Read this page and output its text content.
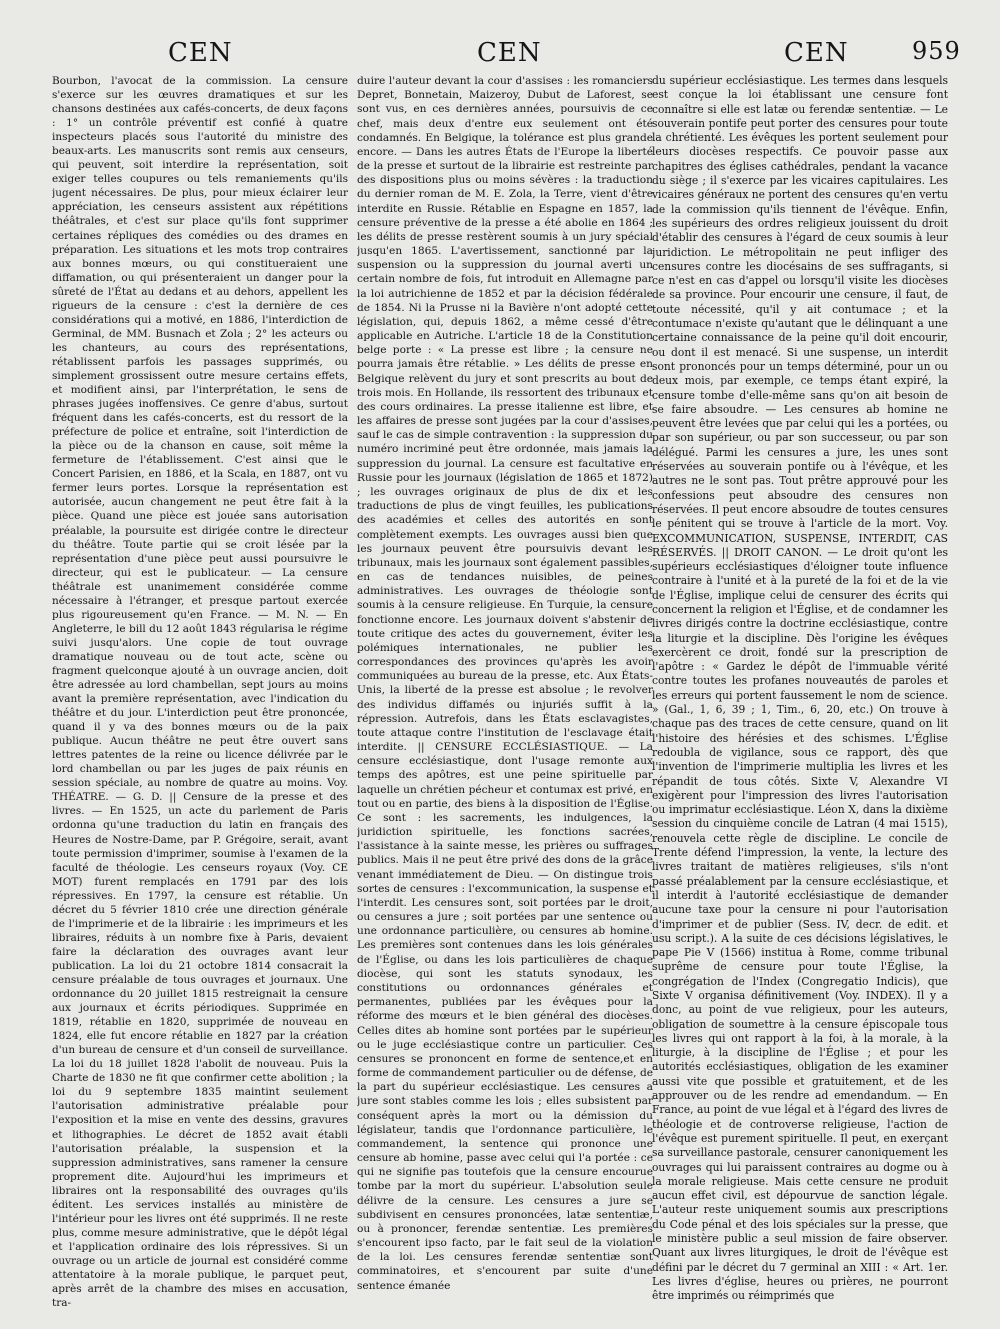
CEN	CEN	CEN	959

Bourbon, l'avocat de la commission. La censure s'exerce sur les œuvres dramatiques et sur les chansons destinées aux cafés-concerts, de deux façons : 1° un contrôle préventif est confié à quatre inspecteurs placés sous l'autorité du ministre des beaux-arts. Les manuscrits sont remis aux censeurs, qui peuvent, soit interdire la représentation, soit exiger telles coupures ou tels remaniements qu'ils jugent nécessaires. De plus, pour mieux éclairer leur appréciation, les censeurs assistent aux répétitions théâtrales, et c'est sur place qu'ils font supprimer certaines répliques des comédies ou des drames en préparation. Les situations et les mots trop contraires aux bonnes mœurs, ou qui constitueraient une diffamation, ou qui présenteraient un danger pour la sûreté de l'État au dedans et au dehors, appellent les rigueurs de la censure : c'est la dernière de ces considérations qui a motivé, en 1886, l'interdiction de Germinal, de MM. Busnach et Zola ; 2° les acteurs ou les chanteurs, au cours des représentations, rétablissent parfois les passages supprimés, ou simplement grossissent outre mesure certains effets, et modifient ainsi, par l'interprétation, le sens de phrases jugées inoffensives. Ce genre d'abus, surtout fréquent dans les cafés-concerts, est du ressort de la préfecture de police et entraîne, soit l'interdiction de la pièce ou de la chanson en cause, soit même la fermeture de l'établissement. C'est ainsi que le Concert Parisien, en 1886, et la Scala, en 1887, ont vu fermer leurs portes. Lorsque la représentation est autorisée, aucun changement ne peut être fait à la pièce. Quand une pièce est jouée sans autorisation préalable, la poursuite est dirigée contre le directeur du théâtre. Toute partie qui se croit lésée par la représentation d'une pièce peut aussi poursuivre le directeur, qui est le publicateur. — La censure théâtrale est unanimement considérée comme nécessaire à l'étranger, et presque partout exercée plus rigoureusement qu'en France. — M. N. — En Angleterre, le bill du 12 août 1843 régularisa le régime suivi jusqu'alors. Une copie de tout ouvrage dramatique nouveau ou de tout acte, scène ou fragment quelconque ajouté à un ouvrage ancien, doit être adressée au lord chambellan, sept jours au moins avant la première représentation, avec l'indication du théâtre et du jour. L'interdiction peut être prononcée, quand il y va des bonnes mœurs ou de la paix publique. Aucun théâtre ne peut être ouvert sans lettres patentes de la reine ou licence délivrée par le lord chambellan ou par les juges de paix réunis en session spéciale, au nombre de quatre au moins. Voy. THÉATRE. — G. D. || Censure de la presse et des livres. — En 1525, un acte du parlement de Paris ordonna qu'une traduction du latin en français des Heures de Nostre-Dame, par P. Grégoire, serait, avant toute permission d'imprimer, soumise à l'examen de la faculté de théologie. Les censeurs royaux (Voy. CE MOT) furent remplacés en 1791 par des lois répressives. En 1797, la censure est rétablie. Un décret du 5 février 1810 crée une direction générale de l'imprimerie et de la librairie : les imprimeurs et les libraires, réduits à un nombre fixe à Paris, devaient faire la déclaration des ouvrages avant leur publication. La loi du 21 octobre 1814 consacrait la censure préalable de tous ouvrages et journaux. Une ordonnance du 20 juillet 1815 restreignait la censure aux journaux et écrits périodiques. Supprimée en 1819, rétablie en 1820, supprimée de nouveau en 1824, elle fut encore rétablie en 1827 par la création d'un bureau de censure et d'un conseil de surveillance. La loi du 18 juillet 1828 l'abolit de nouveau. Puis la Charte de 1830 ne fit que confirmer cette abolition ; la loi du 9 septembre 1835 maintint seulement l'autorisation administrative préalable pour l'exposition et la mise en vente des dessins, gravures et lithographies. Le décret de 1852 avait établi l'autorisation préalable, la suspension et la suppression administratives, sans ramener la censure proprement dite. Aujourd'hui les imprimeurs et libraires ont la responsabilité des ouvrages qu'ils éditent. Les services installés au ministère de l'intérieur pour les livres ont été supprimés. Il ne reste plus, comme mesure administrative, que le dépôt légal et l'application ordinaire des lois répressives. Si un ouvrage ou un article de journal est considéré comme attentatoire à la morale publique, le parquet peut, après arrêt de la chambre des mises en accusation, tra-

duire l'auteur devant la cour d'assises : les romanciers Depret, Bonnetain, Maizeroy, Dubut de Laforest, se sont vus, en ces dernières années, poursuivis de ce chef, mais deux d'entre eux seulement ont été condamnés. En Belgique, la tolérance est plus grande encore. — Dans les autres États de l'Europe la liberté de la presse et surtout de la librairie est restreinte par des dispositions plus ou moins sévères : la traduction du dernier roman de M. E. Zola, la Terre, vient d'être interdite en Russie. Rétablie en Espagne en 1857, la censure préventive de la presse a été abolie en 1864 ; les délits de presse restèrent soumis à un jury spécial jusqu'en 1865. L'avertissement, sanctionné par la suspension ou la suppression du journal averti un certain nombre de fois, fut introduit en Allemagne par la loi autrichienne de 1852 et par la décision fédérale de 1854. Ni la Prusse ni la Bavière n'ont adopté cette législation, qui, depuis 1862, a même cessé d'être applicable en Autriche. L'article 18 de la Constitution belge porte : « La presse est libre ; la censure ne pourra jamais être rétablie. » Les délits de presse en Belgique relèvent du jury et sont prescrits au bout de trois mois. En Hollande, ils ressortent des tribunaux et des cours ordinaires. La presse italienne est libre, et les affaires de presse sont jugées par la cour d'assises, sauf le cas de simple contravention : la suppression du numéro incriminé peut être ordonnée, mais jamais la suppression du journal. La censure est facultative en Russie pour les journaux (législation de 1865 et 1872) ; les ouvrages originaux de plus de dix et les traductions de plus de vingt feuilles, les publications des académies et celles des autorités en sont complètement exempts. Les ouvrages aussi bien que les journaux peuvent être poursuivis devant les tribunaux, mais les journaux sont également passibles, en cas de tendances nuisibles, de peines administratives. Les ouvrages de théologie sont soumis à la censure religieuse. En Turquie, la censure fonctionne encore. Les journaux doivent s'abstenir de toute critique des actes du gouvernement, éviter les polémiques internationales, ne publier les correspondances des provinces qu'après les avoir communiquées au bureau de la presse, etc. Aux États-Unis, la liberté de la presse est absolue ; le revolver des individus diffamés ou injuriés suffit à la répression. Autrefois, dans les États esclavagistes, toute attaque contre l'institution de l'esclavage était interdite. || CENSURE ECCLÉSIASTIQUE. — La censure ecclésiastique, dont l'usage remonte aux temps des apôtres, est une peine spirituelle par laquelle un chrétien pécheur et contumax est privé, en tout ou en partie, des biens à la disposition de l'Église. Ce sont : les sacrements, les indulgences, la juridiction spirituelle, les fonctions sacrées, l'assistance à la sainte messe, les prières ou suffrages publics. Mais il ne peut être privé des dons de la grâce venant immédiatement de Dieu. — On distingue trois sortes de censures : l'excommunication, la suspense et l'interdit. Les censures sont, soit portées par le droit, ou censures a jure ; soit portées par une sentence ou une ordonnance particulière, ou censures ab homine. Les premières sont contenues dans les lois générales de l'Église, ou dans les lois particulières de chaque diocèse, qui sont les statuts synodaux, les constitutions ou ordonnances générales et permanentes, publiées par les évêques pour la réforme des mœurs et le bien général des diocèses. Celles dites ab homine sont portées par le supérieur ou le juge ecclésiastique contre un particulier. Ces censures se prononcent en forme de sentence,et en forme de commandement particulier ou de défense, de la part du supérieur ecclésiastique. Les censures a jure sont stables comme les lois ; elles subsistent par conséquent après la mort ou la démission du législateur, tandis que l'ordonnance particulière, le commandement, la sentence qui prononce une censure ab homine, passe avec celui qui l'a portée : ce qui ne signifie pas toutefois que la censure encourue tombe par la mort du supérieur. L'absolution seule délivre de la censure. Les censures a jure se subdivisent en censures prononcées, latæ sententiæ, ou à prononcer, ferendæ sententiæ. Les premières s'encourent ipso facto, par le fait seul de la violation de la loi. Les censures ferendæ sententiæ sont comminatoires, et s'encourent par suite d'une sentence émanée

du supérieur ecclésiastique. Les termes dans lesquels est conçue la loi établissant une censure font connaître si elle est latæ ou ferendæ sententiæ. — Le souverain pontife peut porter des censures pour toute la chrétienté. Les évêques les portent seulement pour leurs diocèses respectifs. Ce pouvoir passe aux chapitres des églises cathédrales, pendant la vacance du siège ; il s'exerce par les vicaires capitulaires. Les vicaires généraux ne portent des censures qu'en vertu de la commission qu'ils tiennent de l'évêque. Enfin, les supérieurs des ordres religieux jouissent du droit d'établir des censures à l'égard de ceux soumis à leur juridiction. Le métropolitain ne peut infliger des censures contre les diocésains de ses suffragants, si ce n'est en cas d'appel ou lorsqu'il visite les diocèses de sa province. Pour encourir une censure, il faut, de toute nécessité, qu'il y ait contumace ; et la contumace n'existe qu'autant que le délinquant a une certaine connaissance de la peine qu'il doit encourir, ou dont il est menacé. Si une suspense, un interdit sont prononcés pour un temps déterminé, pour un ou deux mois, par exemple, ce temps étant expiré, la censure tombe d'elle-même sans qu'on ait besoin de se faire absoudre. — Les censures ab homine ne peuvent être levées que par celui qui les a portées, ou par son supérieur, ou par son successeur, ou par son délégué. Parmi les censures a jure, les unes sont réservées au souverain pontife ou à l'évêque, et les autres ne le sont pas. Tout prêtre approuvé pour les confessions peut absoudre des censures non réservées. Il peut encore absoudre de toutes censures le pénitent qui se trouve à l'article de la mort. Voy. EXCOMMUNICATION, SUSPENSE, INTERDIT, CAS RÉSERVÉS. || DROIT CANON. — Le droit qu'ont les supérieurs ecclésiastiques d'éloigner toute influence contraire à l'unité et à la pureté de la foi et de la vie de l'Église, implique celui de censurer des écrits qui concernent la religion et l'Église, et de condamner les livres dirigés contre la doctrine ecclésiastique, contre la liturgie et la discipline. Dès l'origine les évêques exercèrent ce droit, fondé sur la prescription de l'apôtre : « Gardez le dépôt de l'immuable vérité contre toutes les profanes nouveautés de paroles et les erreurs qui portent faussement le nom de science. » (Gal., 1, 6, 39 ; 1, Tim., 6, 20, etc.) On trouve à chaque pas des traces de cette censure, quand on lit l'histoire des hérésies et des schismes. L'Église redoubla de vigilance, sous ce rapport, dès que l'invention de l'imprimerie multiplia les livres et les répandit de tous côtés. Sixte V, Alexandre VI exigèrent pour l'impression des livres l'autorisation ou imprimatur ecclésiastique. Léon X, dans la dixième session du cinquième concile de Latran (4 mai 1515), renouvela cette règle de discipline. Le concile de Trente défend l'impression, la vente, la lecture des livres traitant de matières religieuses, s'ils n'ont passé préalablement par la censure ecclésiastique, et il interdit à l'autorité ecclésiastique de demander aucune taxe pour la censure ni pour l'autorisation d'imprimer et de publier (Sess. IV, decr. de edit. et usu script.). A la suite de ces décisions législatives, le pape Pie V (1566) institua à Rome, comme tribunal suprême de censure pour toute l'Église, la congrégation de l'Index (Congregatio Indicis), que Sixte V organisa définitivement (Voy. INDEX). Il y a donc, au point de vue religieux, pour les auteurs, obligation de soumettre à la censure épiscopale tous les livres qui ont rapport à la foi, à la morale, à la liturgie, à la discipline de l'Église ; et pour les autorités ecclésiastiques, obligation de les examiner aussi vite que possible et gratuitement, et de les approuver ou de les rendre ad emendandum. — En France, au point de vue légal et à l'égard des livres de théologie et de controverse religieuse, l'action de l'évêque est purement spirituelle. Il peut, en exerçant sa surveillance pastorale, censurer canoniquement les ouvrages qui lui paraissent contraires au dogme ou à la morale religieuse. Mais cette censure ne produit aucun effet civil, est dépourvue de sanction légale. L'auteur reste uniquement soumis aux prescriptions du Code pénal et des lois spéciales sur la presse, que le ministère public a seul mission de faire observer. Quant aux livres liturgiques, le droit de l'évêque est défini par le décret du 7 germinal an XIII : « Art. 1er. Les livres d'église, heures ou prières, ne pourront être imprimés ou réimprimés que
